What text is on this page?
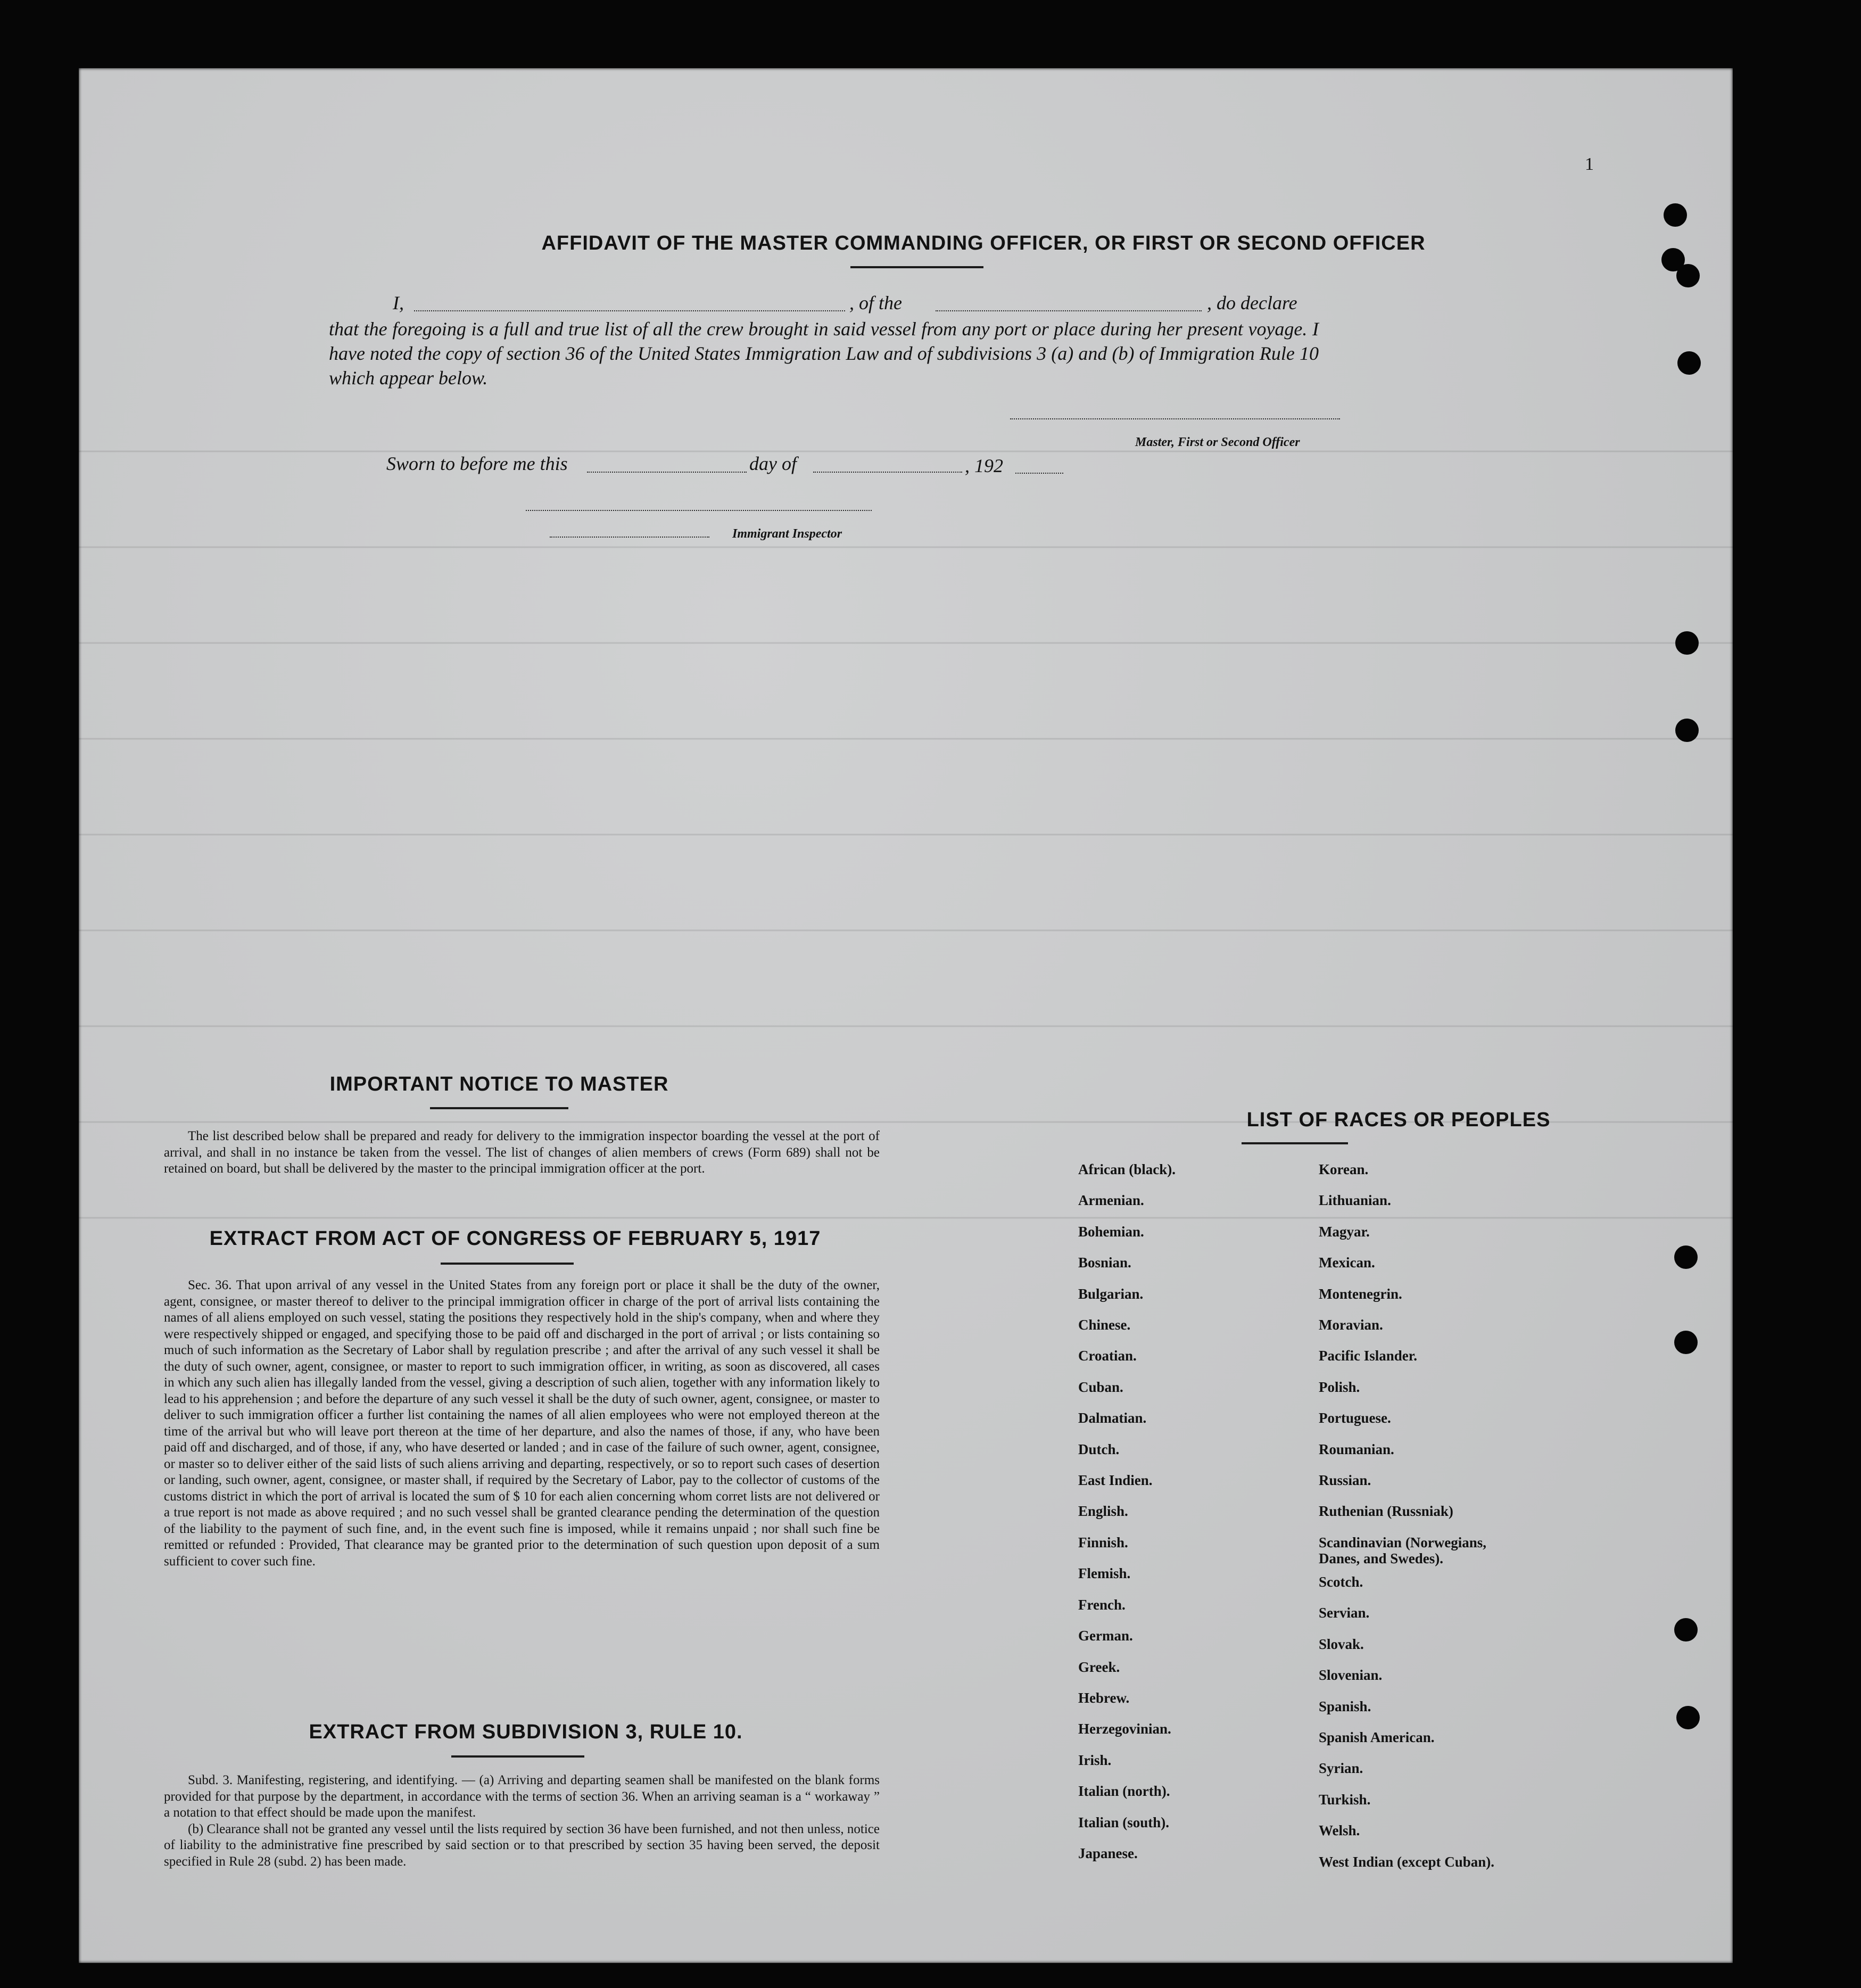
AFFIDAVIT OF THE MASTER COMMANDING OFFICER, OR FIRST OR SECOND OFFICER
I,	, of the	, do declare
that the foregoing is a full and true list of all the crew brought in said vessel from any port or place during her present voyage. I have noted the copy of section 36 of the United States Immigration Law and of subdivisions 3 (a) and (b) of Immigration Rule 10 which appear below.
Master, First or Second Officer
Sworn to before me this	day of	, 192
Immigrant Inspector
1
IMPORTANT NOTICE TO MASTER

The list described below shall be prepared and ready for delivery to the immigration inspector boarding the vessel at the port of arrival, and shall in no instance be taken from the vessel. The list of changes of alien members of crews (Form 689) shall not be retained on board, but shall be delivered by the master to the principal immigration officer at the port.

EXTRACT FROM ACT OF CONGRESS OF FEBRUARY 5, 1917

Sec. 36. That upon arrival of any vessel in the United States from any foreign port or place it shall be the duty of the owner, agent, consignee, or master thereof to deliver to the principal immigration officer in charge of the port of arrival lists containing the names of all aliens employed on such vessel, stating the positions they respectively hold in the ship's company, when and where they were respectively shipped or engaged, and specifying those to be paid off and discharged in the port of arrival ; or lists containing so much of such information as the Secretary of Labor shall by regulation prescribe ; and after the arrival of any such vessel it shall be the duty of such owner, agent, consignee, or master to report to such immigration officer, in writing, as soon as discovered, all cases in which any such alien has illegally landed from the vessel, giving a description of such alien, together with any information likely to lead to his apprehension ; and before the departure of any such vessel it shall be the duty of such owner, agent, consignee, or master to deliver to such immigration officer a further list containing the names of all alien employees who were not employed thereon at the time of the arrival but who will leave port thereon at the time of her departure, and also the names of those, if any, who have been paid off and discharged, and of those, if any, who have deserted or landed ; and in case of the failure of such owner, agent, consignee, or master so to deliver either of the said lists of such aliens arriving and departing, respectively, or so to report such cases of desertion or landing, such owner, agent, consignee, or master shall, if required by the Secretary of Labor, pay to the collector of customs of the customs district in which the port of arrival is located the sum of $ 10 for each alien concerning whom corret lists are not delivered or a true report is not made as above required ; and no such vessel shall be granted clearance pending the determination of the question of the liability to the payment of such fine, and, in the event such fine is imposed, while it remains unpaid ; nor shall such fine be remitted or refunded : Provided, That clearance may be granted prior to the determination of such question upon deposit of a sum sufficient to cover such fine.

EXTRACT FROM SUBDIVISION 3, RULE 10.

Subd. 3. Manifesting, registering, and identifying. — (a) Arriving and departing seamen shall be manifested on the blank forms provided for that purpose by the department, in accordance with the terms of section 36. When an arriving seaman is a “ workaway ” a notation to that effect should be made upon the manifest.

(b) Clearance shall not be granted any vessel until the lists required by section 36 have been furnished, and not then unless, notice of liability to the administrative fine prescribed by said section or to that prescribed by section 35 having been served, the deposit specified in Rule 28 (subd. 2) has been made.

LIST OF RACES OR PEOPLES
African (black).
Armenian.
Bohemian.
Bosnian.
Bulgarian.
Chinese.
Croatian.
Cuban.
Dalmatian.
Dutch.
East Indien.
English.
Finnish.
Flemish.
French.
German.
Greek.
Hebrew.
Herzegovinian.
Irish.
Italian (north).
Italian (south).
Japanese.
Korean.
Lithuanian.
Magyar.
Mexican.
Montenegrin.
Moravian.
Pacific Islander.
Polish.
Portuguese.
Roumanian.
Russian.
Ruthenian (Russniak)
Scandinavian (Norwegians, Danes, and Swedes).
Scotch.
Servian.
Slovak.
Slovenian.
Spanish.
Spanish American.
Syrian.
Turkish.
Welsh.
West Indian (except Cuban).
